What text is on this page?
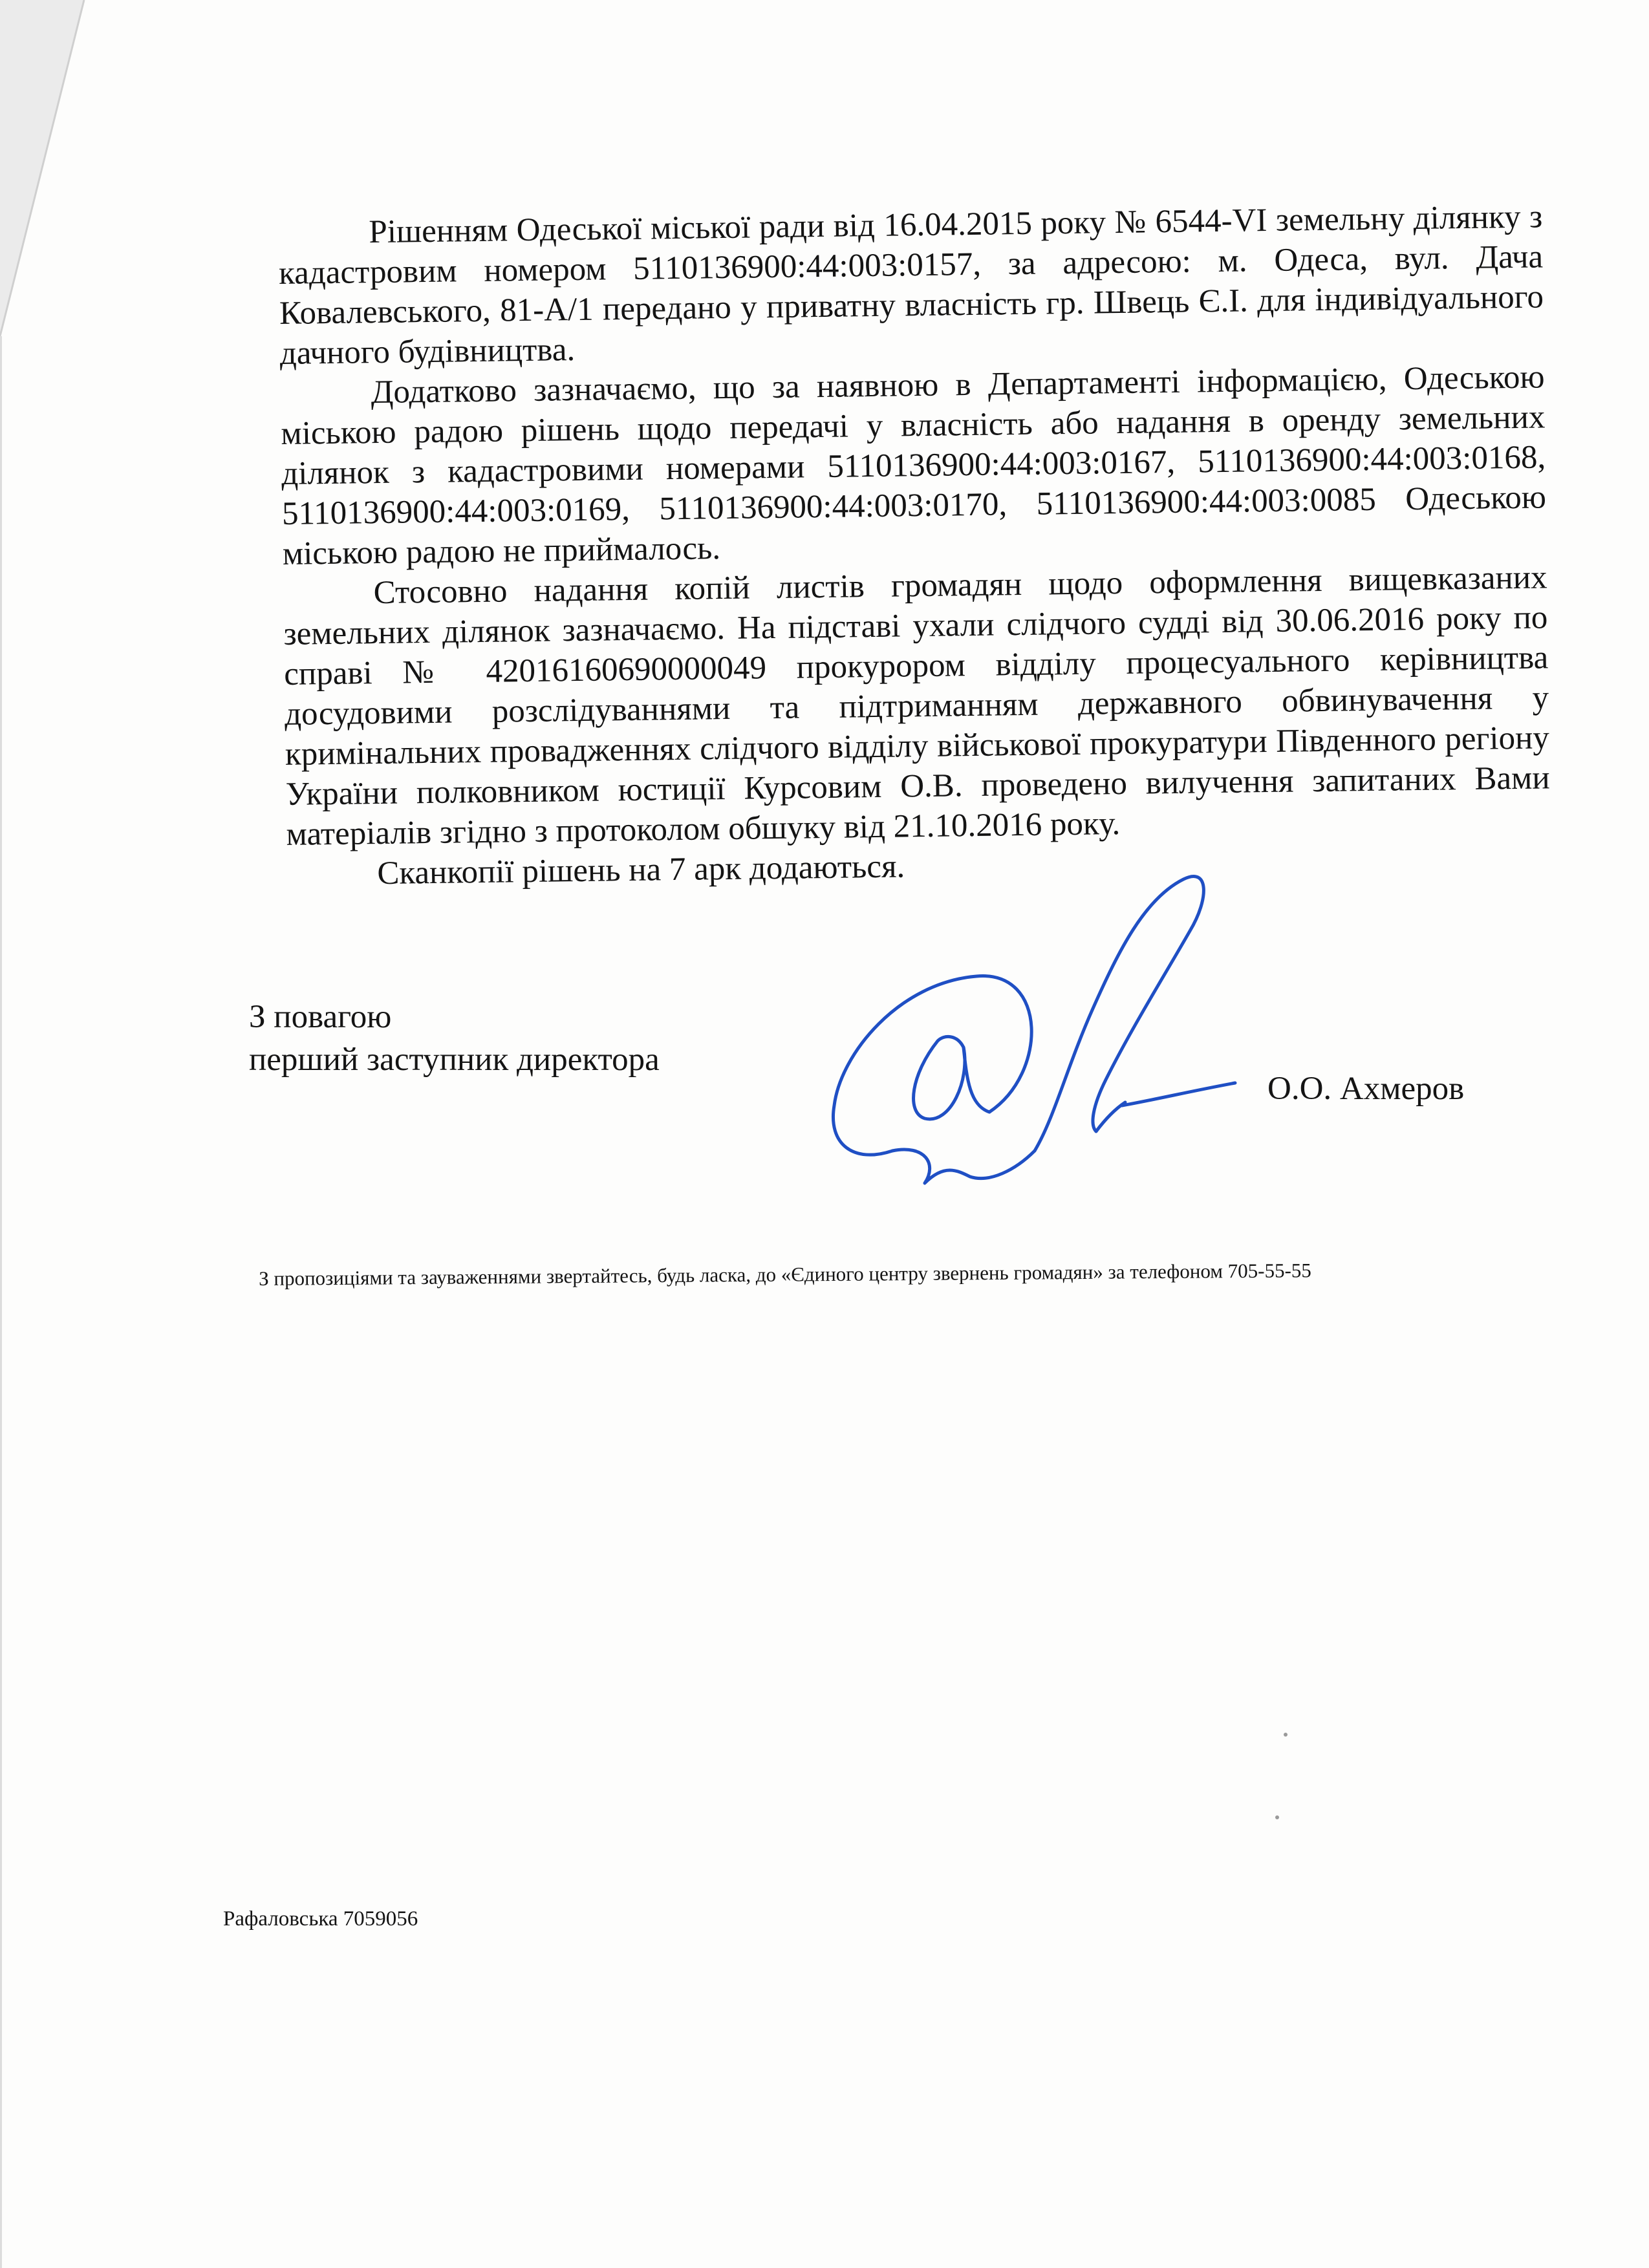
Рішенням Одеської міської ради від 16.04.2015 року № 6544-VI земельну ділянку з кадастровим номером 5110136900:44:003:0157, за адресою: м. Одеса, вул. Дача Ковалевського, 81-А/1 передано у приватну власність гр. Швець Є.І. для індивідуального дачного будівництва.

Додатково зазначаємо, що за наявною в Департаменті інформацією, Одеською міською радою рішень щодо передачі у власність або надання в оренду земельних ділянок з кадастровими номерами 5110136900:44:003:0167, 5110136900:44:003:0168, 5110136900:44:003:0169, 5110136900:44:003:0170, 5110136900:44:003:0085 Одеською міською радою не приймалось.

Стосовно надання копій листів громадян щодо оформлення вищевказаних земельних ділянок зазначаємо. На підставі ухали слідчого судді від 30.06.2016 року по справі № 42016160690000049 прокурором відділу процесуального керівництва досудовими розслідуваннями та підтриманням державного обвинувачення у кримінальних провадженнях слідчого відділу військової прокуратури Південного регіону України полковником юстиції Курсовим О.В. проведено вилучення запитаних Вами матеріалів згідно з протоколом обшуку від 21.10.2016 року.

Сканкопії рішень на 7 арк додаються.

З повагою
перший заступник директора
О.О. Ахмеров
З пропозиціями та зауваженнями звертайтесь, будь ласка, до «Єдиного центру звернень громадян» за телефоном 705-55-55
Рафаловська 7059056
